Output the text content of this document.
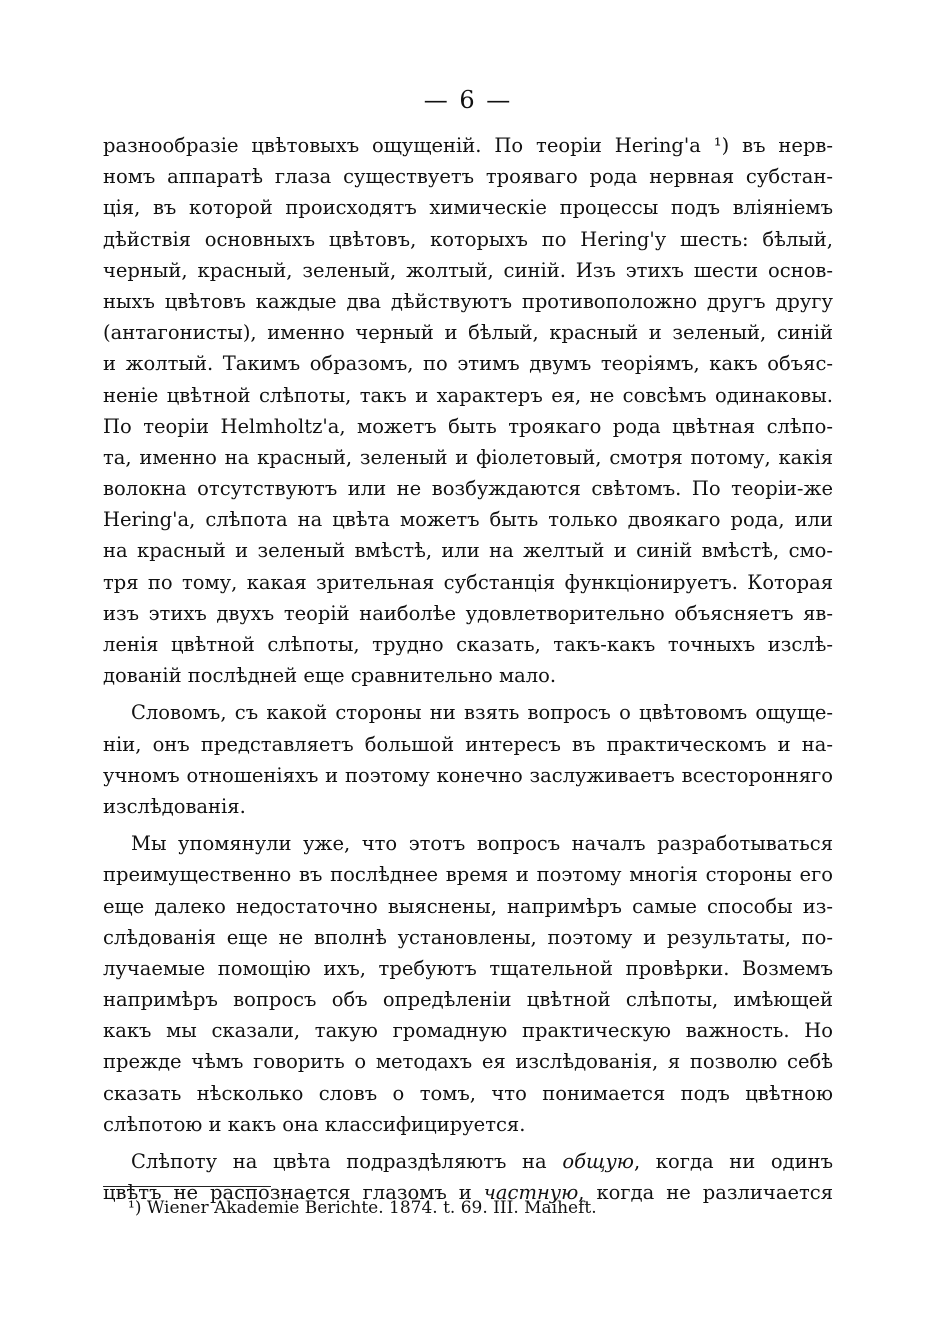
— 6 —
разнообразіе цвѣтовыхъ ощущеній. По теоріи Hering'a ¹) въ нерв-
номъ аппаратѣ глаза существуетъ трояваго рода нервная субстан-
ція, въ которой происходятъ химическіе процессы подъ вліяніемъ
дѣйствія основныхъ цвѣтовъ, которыхъ по Hering'у шесть: бѣлый,
черный, красный, зеленый, жолтый, синій. Изъ этихъ шести основ-
ныхъ цвѣтовъ каждые два дѣйствуютъ противоположно другъ другу
(антагонисты), именно черный и бѣлый, красный и зеленый, синій
и жолтый. Такимъ образомъ, по этимъ двумъ теоріямъ, какъ объяс-
неніе цвѣтной слѣпоты, такъ и характеръ ея, не совсѣмъ одинаковы.
По теоріи Helmholtz'a, можетъ быть троякаго рода цвѣтная слѣпо-
та, именно на красный, зеленый и фіолетовый, смотря потому, какія
волокна отсутствуютъ или не возбуждаются свѣтомъ. По теоріи-же
Hering'a, слѣпота на цвѣта можетъ быть только двоякаго рода, или
на красный и зеленый вмѣстѣ, или на желтый и синій вмѣстѣ, смо-
тря по тому, какая зрительная субстанція функціонируетъ. Которая
изъ этихъ двухъ теорій наиболѣе удовлетворительно объясняетъ яв-
ленія цвѣтной слѣпоты, трудно сказать, такъ-какъ точныхъ изслѣ-
дованій послѣдней еще сравнительно мало.
Словомъ, съ какой стороны ни взять вопросъ о цвѣтовомъ ощуще-
ніи, онъ представляетъ большой интересъ въ практическомъ и на-
учномъ отношеніяхъ и поэтому конечно заслуживаетъ всесторонняго
изслѣдованія.
Мы упомянули уже, что этотъ вопросъ началъ разработываться
преимущественно въ послѣднее время и поэтому многія стороны его
еще далеко недостаточно выяснены, напримѣръ самые способы из-
слѣдованія еще не вполнѣ установлены, поэтому и результаты, по-
лучаемые помощію ихъ, требуютъ тщательной провѣрки. Возмемъ
напримѣръ вопросъ объ опредѣленіи цвѣтной слѣпоты, имѣющей
какъ мы сказали, такую громадную практическую важность. Но
прежде чѣмъ говорить о методахъ ея изслѣдованія, я позволю себѣ
сказать нѣсколько словъ о томъ, что понимается подъ цвѣтною
слѣпотою и какъ она классифицируется.
Слѣпоту на цвѣта подраздѣляютъ на общую, когда ни одинъ
цвѣтъ не распознается глазомъ и частную, когда не различается
¹) Wiener Akademie Berichte. 1874. t. 69. III. Maiheft.
